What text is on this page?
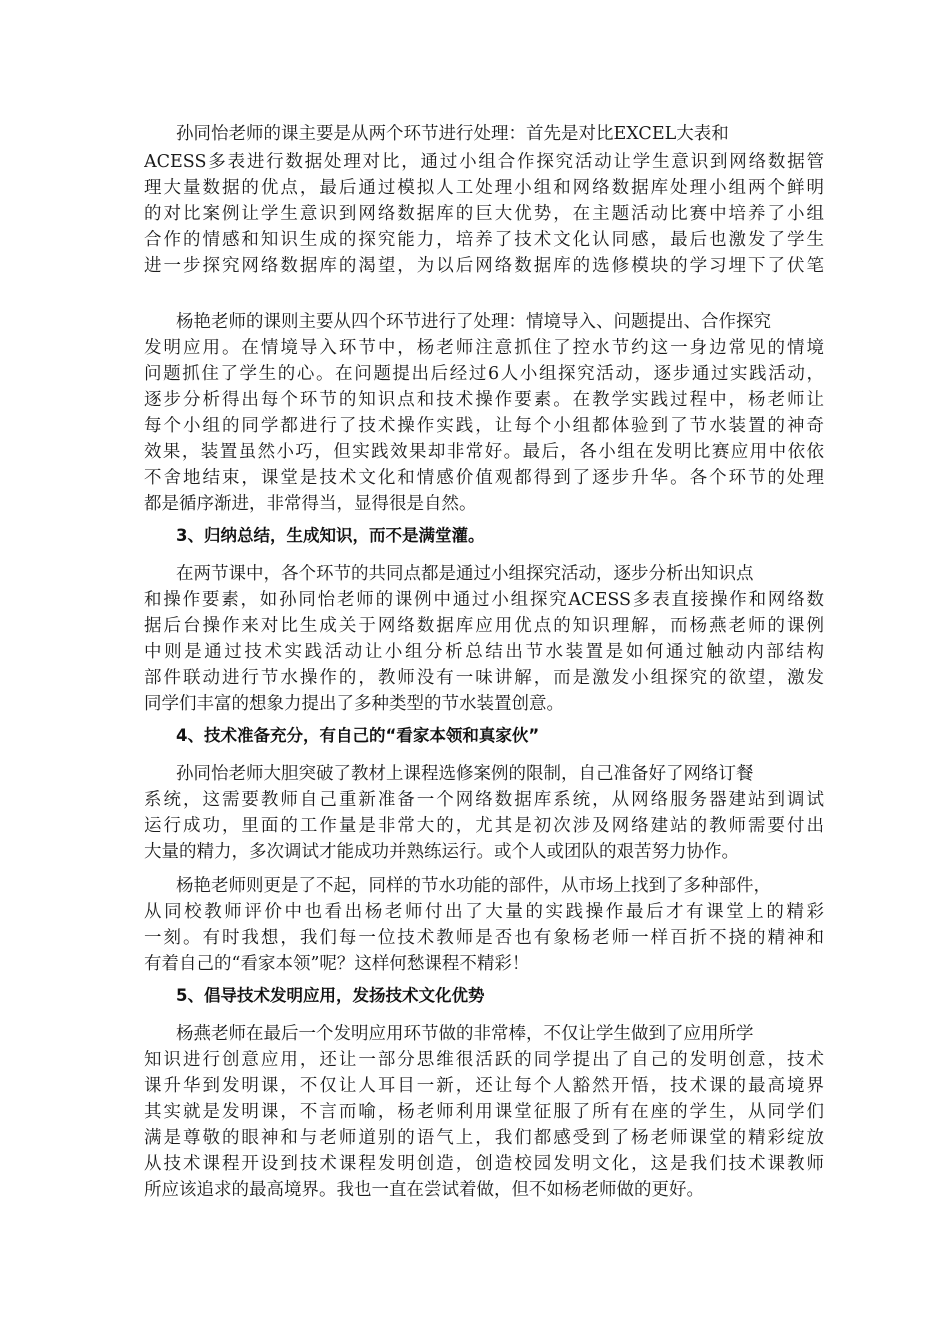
孙同怡老师的课主要是从两个环节进行处理：首先是对比EXCEL大表和
ACESS多表进行数据处理对比，通过小组合作探究活动让学生意识到网络数据管
理大量数据的优点，最后通过模拟人工处理小组和网络数据库处理小组两个鲜明
的对比案例让学生意识到网络数据库的巨大优势，在主题活动比赛中培养了小组
合作的情感和知识生成的探究能力，培养了技术文化认同感，最后也激发了学生
进一步探究网络数据库的渴望，为以后网络数据库的选修模块的学习埋下了伏笔
杨艳老师的课则主要从四个环节进行了处理：情境导入、问题提出、合作探究
发明应用。在情境导入环节中，杨老师注意抓住了控水节约这一身边常见的情境
问题抓住了学生的心。在问题提出后经过6人小组探究活动，逐步通过实践活动，
逐步分析得出每个环节的知识点和技术操作要素。在教学实践过程中，杨老师让
每个小组的同学都进行了技术操作实践，让每个小组都体验到了节水装置的神奇
效果，装置虽然小巧，但实践效果却非常好。最后，各小组在发明比赛应用中依依
不舍地结束，课堂是技术文化和情感价值观都得到了逐步升华。各个环节的处理
都是循序渐进，非常得当，显得很是自然。
3、归纳总结，生成知识，而不是满堂灌。
在两节课中，各个环节的共同点都是通过小组探究活动，逐步分析出知识点
和操作要素，如孙同怡老师的课例中通过小组探究ACESS多表直接操作和网络数
据后台操作来对比生成关于网络数据库应用优点的知识理解，而杨燕老师的课例
中则是通过技术实践活动让小组分析总结出节水装置是如何通过触动内部结构
部件联动进行节水操作的，教师没有一味讲解，而是激发小组探究的欲望，激发
同学们丰富的想象力提出了多种类型的节水装置创意。
4、技术准备充分，有自己的“看家本领和真家伙”
孙同怡老师大胆突破了教材上课程选修案例的限制，自己准备好了网络订餐
系统，这需要教师自己重新准备一个网络数据库系统，从网络服务器建站到调试
运行成功，里面的工作量是非常大的，尤其是初次涉及网络建站的教师需要付出
大量的精力，多次调试才能成功并熟练运行。或个人或团队的艰苦努力协作。
杨艳老师则更是了不起，同样的节水功能的部件，从市场上找到了多种部件，
从同校教师评价中也看出杨老师付出了大量的实践操作最后才有课堂上的精彩
一刻。有时我想，我们每一位技术教师是否也有象杨老师一样百折不挠的精神和
有着自己的“看家本领”呢？这样何愁课程不精彩！
5、倡导技术发明应用，发扬技术文化优势
杨燕老师在最后一个发明应用环节做的非常棒，不仅让学生做到了应用所学
知识进行创意应用，还让一部分思维很活跃的同学提出了自己的发明创意，技术
课升华到发明课，不仅让人耳目一新，还让每个人豁然开悟，技术课的最高境界
其实就是发明课，不言而喻，杨老师利用课堂征服了所有在座的学生，从同学们
满是尊敬的眼神和与老师道别的语气上，我们都感受到了杨老师课堂的精彩绽放
从技术课程开设到技术课程发明创造，创造校园发明文化，这是我们技术课教师
所应该追求的最高境界。我也一直在尝试着做，但不如杨老师做的更好。
